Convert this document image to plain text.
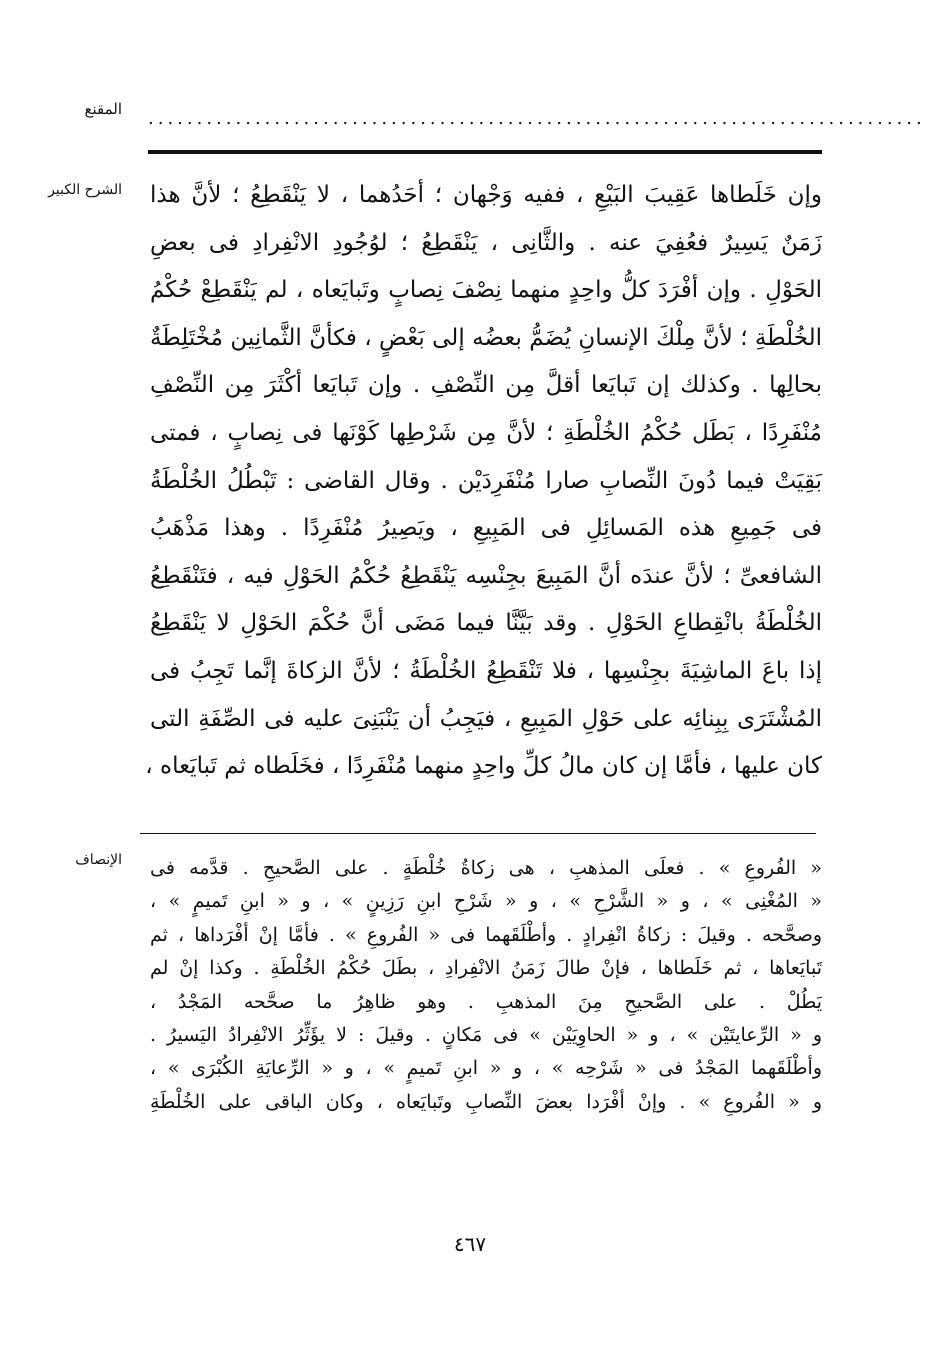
المقنع ................................................................................
الشرح الكبير وإن خَلَطاها عَقِيبَ البَيْعِ ، ففيه وَجْهان ؛ أحَدُهما ، لا يَنْقَطِعُ ؛ لأنَّ هذا
زَمَنٌ يَسِيرٌ فعُفِيَ عنه . والثَّانِى ، يَنْقَطِعُ ؛ لوُجُودِ الانْفِرادِ فى بعضِ
الحَوْلِ . وإن أفْرَدَ كلُّ واحِدٍ منهما نِصْفَ نِصابٍ وتَبايَعاه ، لم يَنْقَطِعْ حُكْمُ
الخُلْطَةِ ؛ لأنَّ مِلْكَ الإنسانِ يُضَمُّ بعضُه إلى بَعْضٍ ، فكأنَّ الثَّمانِين مُخْتَلِطَةٌ
بحالِها . وكذلك إن تَبايَعا أقلَّ مِن النِّصْفِ . وإن تَبايَعا أكْثَرَ مِن النِّصْفِ
مُنْفَرِدًا ، بَطَل حُكْمُ الخُلْطَةِ ؛ لأنَّ مِن شَرْطِها كَوْنَها فى نِصابٍ ، فمتى
بَقِيَتْ فيما دُونَ النِّصابِ صارا مُنْفَرِدَيْن . وقال القاضى : تَبْطُلُ الخُلْطَةُ
فى جَمِيعِ هذه المَسائِلِ فى المَبِيعِ ، ويَصِيرُ مُنْفَرِدًا . وهذا مَذْهَبُ
الشافعىِّ ؛ لأنَّ عندَه أنَّ المَبِيعَ بجِنْسِه يَنْقَطِعُ حُكْمُ الحَوْلِ فيه ، فتَنْقَطِعُ
الخُلْطَةُ بانْقِطاعِ الحَوْلِ . وقد بَيَّنَّا فيما مَضَى أنَّ حُكْمَ الحَوْلِ لا يَنْقَطِعُ
إذا باعَ الماشِيَةَ بجِنْسِها ، فلا تَنْقَطِعُ الخُلْطَةُ ؛ لأنَّ الزكاةَ إنَّما تَجِبُ فى
المُشْتَرَى بِبِنائِه على حَوْلِ المَبِيعِ ، فيَجِبُ أن يَنْبَنِىَ عليه فى الصِّفَةِ التى
كان عليها ، فأمَّا إن كان مالُ كلِّ واحِدٍ منهما مُنْفَرِدًا ، فخَلَطاه ثم تَبايَعاه ،
الإنصاف « الفُروعِ » . فعلَى المذهبِ ، هى زكاةُ خُلْطَةٍ . على الصَّحيحِ . قدَّمه فى
« المُغْنِى » ، و « الشَّرْحِ » ، و « شَرْحِ ابنِ رَزِينٍ » ، و « ابنِ تَميمٍ » ،
وصحَّحه . وقيلَ : زكاةُ انْفِرادٍ . وأطْلَقَهما فى « الفُروعِ » . فأمَّا إنْ أفْرَداها ، ثم
تَبايَعاها ، ثم خَلَطاها ، فإنْ طالَ زَمَنُ الانْفِرادِ ، بطَلَ حُكْمُ الخُلْطَةِ . وكذا إنْ لم
يَطُلْ . على الصَّحيحِ مِنَ المذهبِ . وهو ظاهِرُ ما صحَّحه المَجْدُ ،
و « الرِّعايتَيْن » ، و « الحاوِيَيْن » فى مَكانٍ . وقيلَ : لا يؤَثِّرُ الانْفِرادُ اليَسيرُ .
وأطْلَقَهما المَجْدُ فى « شَرْحِه » ، و « ابنِ تَميمٍ » ، و « الرِّعايَةِ الكُبْرَى » ،
و « الفُروعِ » . وإنْ أفْرَدا بعضَ النِّصابِ وتَبايَعاه ، وكان الباقى على الخُلْطَةِ
٤٦٧
